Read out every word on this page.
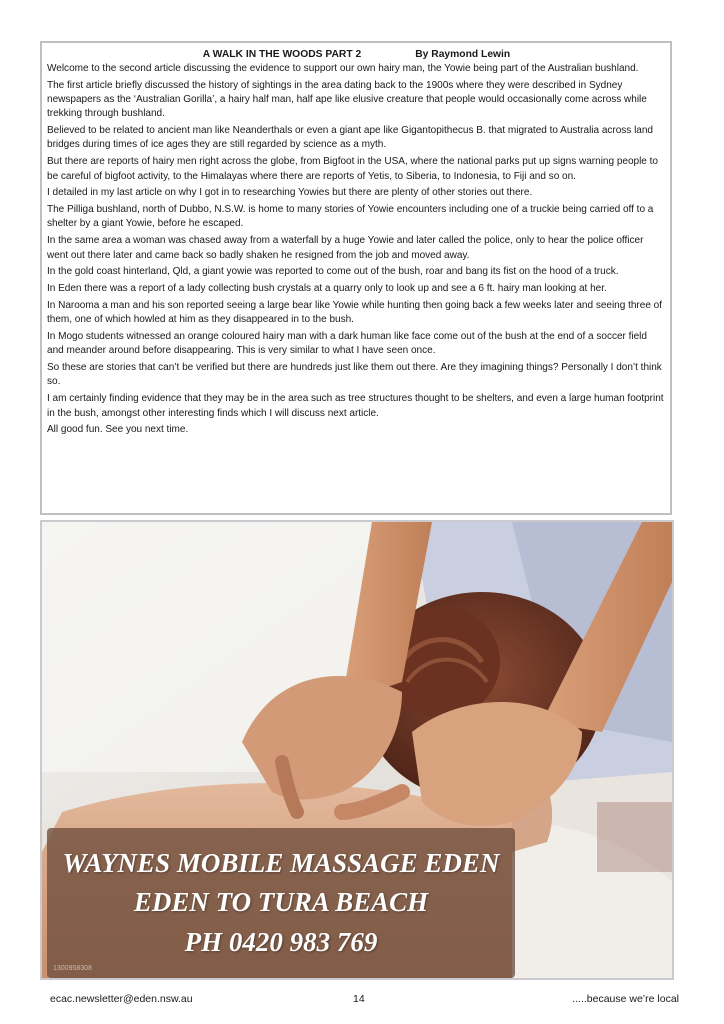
A WALK IN THE WOODS PART 2	By Raymond Lewin

Welcome to the second article discussing the evidence to support our own hairy man, the Yowie being part of the Australian bushland.

The first article briefly discussed the history of sightings in the area dating back to the 1900s where they were described in Sydney newspapers as the ‘Australian Gorilla’, a hairy half man, half ape like elusive creature that people would occasionally come across while trekking through bushland.

Believed to be related to ancient man like Neanderthals or even a giant ape like Gigantopithecus B. that migrated to Australia across land bridges during times of ice ages they are still regarded by science as a myth.

But there are reports of hairy men right across the globe, from Bigfoot in the USA, where the national parks put up signs warning people to be careful of bigfoot activity, to the Himalayas where there are reports of Yetis, to Siberia, to Indonesia, to Fiji and so on.

I detailed in my last article on why I got in to researching Yowies but there are plenty of other stories out there.

The Pilliga bushland, north of Dubbo, N.S.W. is home to many stories of Yowie encounters including one of a truckie being carried off to a shelter by a giant Yowie, before he escaped.

In the same area a woman was chased away from a waterfall by a huge Yowie and later called the police, only to hear the police officer went out there later and came back so badly shaken he resigned from the job and moved away.

In the gold coast hinterland, Qld, a giant yowie was reported to come out of the bush, roar and bang its fist on the hood of a truck.

In Eden there was a report of a lady collecting bush crystals at a quarry only to look up and see a 6 ft. hairy man looking at her.

In Narooma a man and his son reported seeing a large bear like Yowie while hunting then going back a few weeks later and seeing three of them, one of which howled at him as they disappeared in to the bush.

In Mogo students witnessed an orange coloured hairy man with a dark human like face come out of the bush at the end of a soccer field and meander around before disappearing. This is very similar to what I have seen once.

So these are stories that can’t be verified but there are hundreds just like them out there. Are they imagining things? Personally I don’t think so.

I am certainly finding evidence that they may be in the area such as tree structures thought to be shelters, and even a large human footprint in the bush, amongst other interesting finds which I will discuss next article.

All good fun. See you next time.

WAYNES MOBILE MASSAGE EDEN
EDEN TO TURA BEACH
PH 0420 983 769
1300958308
ecac.newsletter@eden.nsw.au	14	.....because we’re local
